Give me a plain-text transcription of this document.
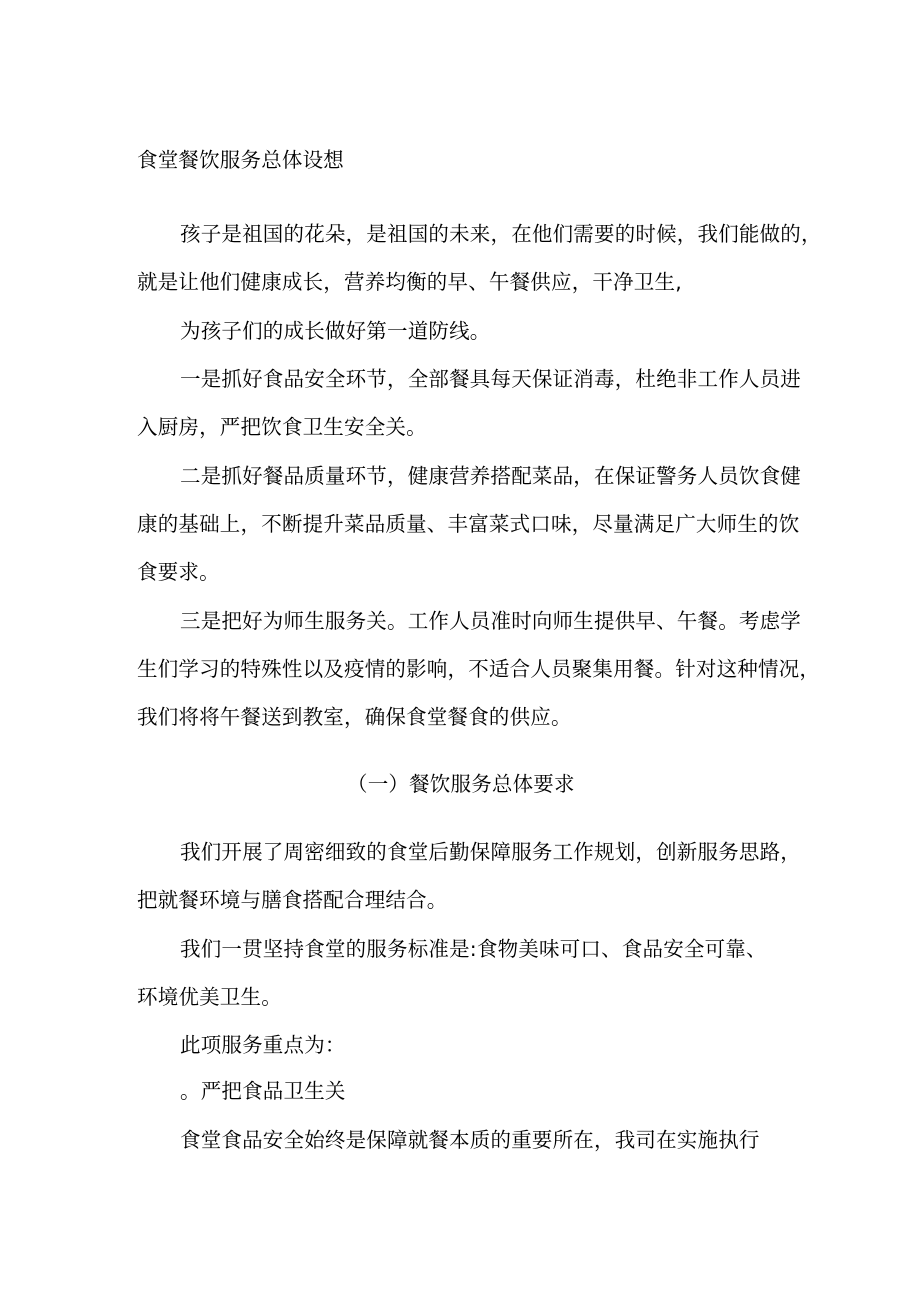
食堂餐饮服务总体设想
孩子是祖国的花朵，是祖国的未来，在他们需要的时候，我们能做的，
就是让他们健康成长，营养均衡的早、午餐供应，干净卫生,
为孩子们的成长做好第一道防线。
一是抓好食品安全环节，全部餐具每天保证消毒，杜绝非工作人员进
入厨房，严把饮食卫生安全关。
二是抓好餐品质量环节，健康营养搭配菜品，在保证警务人员饮食健
康的基础上，不断提升菜品质量、丰富菜式口味，尽量满足广大师生的饮
食要求。
三是把好为师生服务关。工作人员准时向师生提供早、午餐。考虑学
生们学习的特殊性以及疫情的影响，不适合人员聚集用餐。针对这种情况，
我们将将午餐送到教室，确保食堂餐食的供应。
（一）餐饮服务总体要求
我们开展了周密细致的食堂后勤保障服务工作规划，创新服务思路，
把就餐环境与膳食搭配合理结合。
我们一贯坚持食堂的服务标准是:食物美味可口、食品安全可靠、
环境优美卫生。
此项服务重点为：
。严把食品卫生关
食堂食品安全始终是保障就餐本质的重要所在，我司在实施执行
